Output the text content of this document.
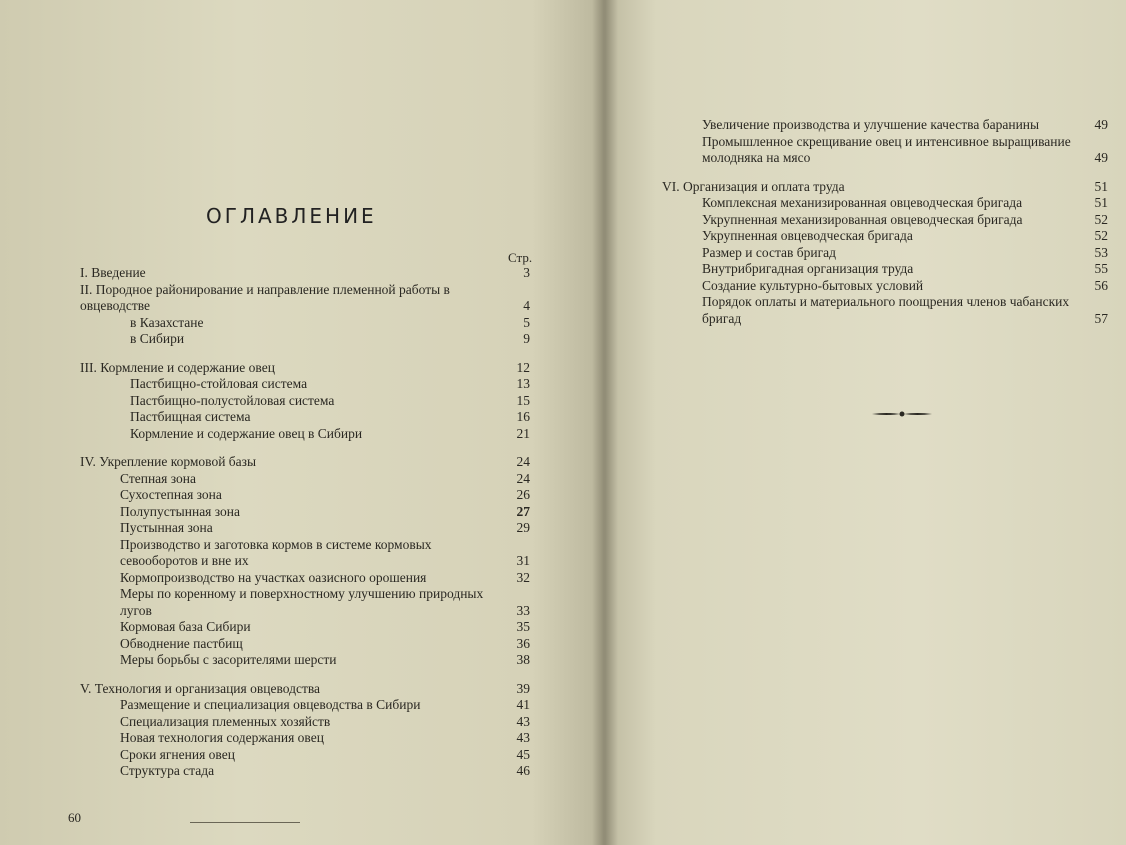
ОГЛАВЛЕНИЕ
Стр.
I. Введение	3
II. Породное районирование и направление племенной работы в овцеводстве	4
в Казахстане	5
в Сибири	9
III. Кормление и содержание овец	12
Пастбищно-стойловая система	13
Пастбищно-полустойловая система	15
Пастбищная система	16
Кормление и содержание овец в Сибири	21
IV. Укрепление кормовой базы	24
Степная зона	24
Сухостепная зона	26
Полупустынная зона	27
Пустынная зона	29
Производство и заготовка кормов в системе кормовых севооборотов и вне их	31
Кормопроизводство на участках оазисного орошения	32
Меры по коренному и поверхностному улучшению природных лугов	33
Кормовая база Сибири	35
Обводнение пастбищ	36
Меры борьбы с засорителями шерсти	38
V. Технология и организация овцеводства	39
Размещение и специализация овцеводства в Сибири	41
Специализация племенных хозяйств	43
Новая технология содержания овец	43
Сроки ягнения овец	45
Структура стада	46
Увеличение производства и улучшение качества баранины	49
Промышленное скрещивание овец и интенсивное выращивание молодняка на мясо	49
VI. Организация и оплата труда	51
Комплексная механизированная овцеводческая бригада	51
Укрупненная механизированная овцеводческая бригада	52
Укрупненная овцеводческая бригада	52
Размер и состав бригад	53
Внутрибригадная организация труда	55
Создание культурно-бытовых условий	56
Порядок оплаты и материального поощрения членов чабанских бригад	57
60
